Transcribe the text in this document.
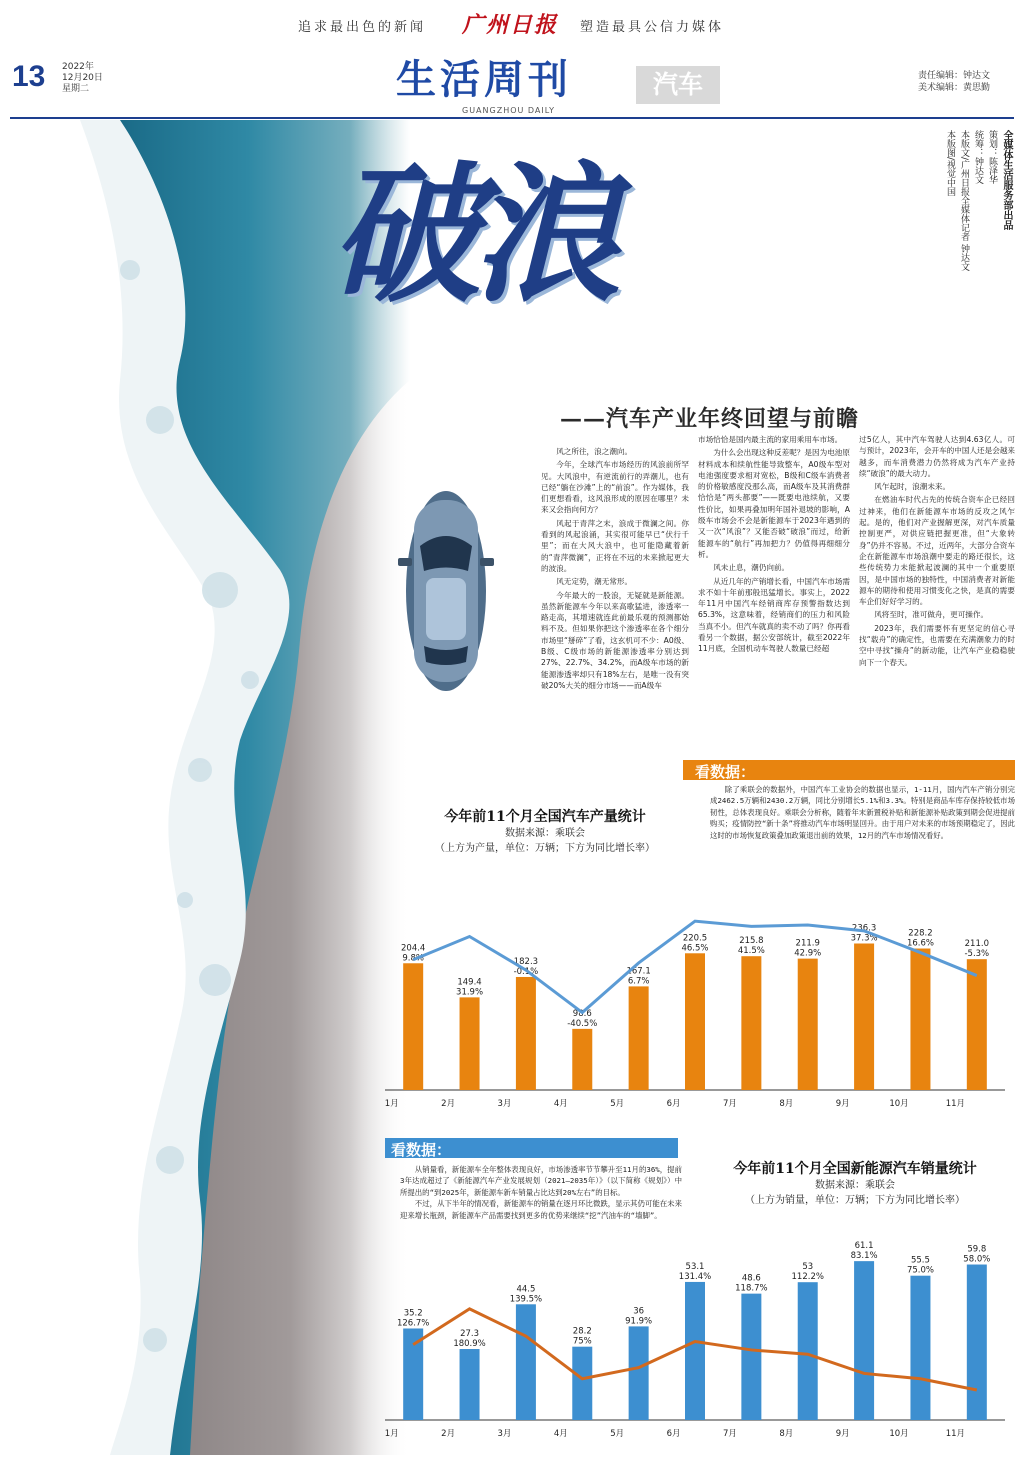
追求最出色的新闻 广州日报 塑造最具公信力媒体
13 2022年
12月20日
星期二	生活周刊	汽车
GUANGZHOU DAILY
责任编辑：钟达文
美术编辑：黄思勤
破浪
——汽车产业年终回望与前瞻
全媒体生活服务部出品
策划：陈泽华
统筹：钟达文
本版文/广州日报全媒体记者 钟达文
本版图/视觉中国

风之所往，浪之潮向。

今年，全球汽车市场经历的风浪前所罕见。大风浪中，有逆流前行的弄潮儿，也有已经“躺在沙滩”上的“前浪”。作为媒体，我们更想看看，这风浪形成的原因在哪里？未来又会指向何方？

风起于青萍之末，浪成于微澜之间。你看到的风起浪涌，其实很可能早已“伏行千里”；而在大风大浪中，也可能隐藏着新的“青萍微澜”，正将在不远的未来掀起更大的波浪。

风无定势，潮无常形。

今年最大的一股浪，无疑就是新能源。虽然新能源车今年以来高歌猛进，渗透率一路走高，其增速就连此前最乐观的预测都始料不及。但如果你把这个渗透率在各个细分市场里“掰碎”了看，这玄机可不少：A0级、B级、C级市场的新能源渗透率分别达到27%、22.7%、34.2%，而A级车市场的新能源渗透率却只有18%左右，是唯一没有突破20%大关的细分市场——而A级车

市场恰恰是国内最主流的家用乘用车市场。

为什么会出现这种反差呢？是因为电池原材料成本和续航性能导致整车，A0级车型对电池强度要求相对宽松，B级和C级车消费者的价格敏感度没那么高，而A级车及其消费群恰恰是“两头都要”——既要电池续航，又要性价比，如果再叠加明年国补退坡的影响，A级车市场会不会是新能源车于2023年遇到的又一次“风浪”？又能否破“破浪”而过，给新能源车的“航行”再加把力？仍值得再细细分析。

风未止息，潮仍向前。

从近几年的产销增长看，中国汽车市场需求不如十年前那般迅猛增长。事实上，2022年11月中国汽车经销商库存预警指数达到65.3%，这意味着，经销商们的压力和风险当真不小。但汽车就真的卖不动了吗？你再看看另一个数据，据公安部统计，截至2022年11月底，全国机动车驾驶人数量已经超

过5亿人，其中汽车驾驶人达到4.63亿人。可与预计，2023年，会开车的中国人还是会越来越多，而车消费潜力仍然将成为汽车产业持续“破浪”的最大动力。

风乍起时，浪潮未来。

在燃油车时代占先的传统合资车企已经回过神来，他们在新能源车市场的反攻之风乍起。是的，他们对产业握解更深，对汽车质量控制更严，对供应链把握更准，但“大象转身”仍并不容易。不过，近两年，大部分合资车企在新能源车市场浪潮中要走的路还很长，这些传统势力未能掀起波澜的其中一个重要原因，是中国市场的独特性，中国消费者对新能源车的期待和使用习惯变化之快，是真的需要车企们好好学习的。

风将至时，准可做舟，更可操作。

2023年，我们需要怀有更坚定的信心寻找“载舟”的确定性，也需要在充满潮象力的时空中寻找“操舟”的新动能，让汽车产业稳稳驶向下一个春天。

看数据：

除了乘联会的数据外，中国汽车工业协会的数据也显示，1-11月，国内汽车产销分别完成2462.5万辆和2430.2万辆，同比分别增长5.1%和3.3%。特别是商品车库存保持较低市场韧性，总体表现良好。乘联会分析称，随着年末新置税补贴和新能源补贴政策到期会促进提前购买；疫情防控“新十条”将推动汽车市场明显回升。由于用户对未来的市场预期稳定了，因此这时的市场恢复政策叠加政策退出前的效果，12月的汽车市场情况看好。

今年前11个月全国汽车产量统计
数据来源：乘联会
（上方为产量，单位：万辆；下方为同比增长率）
204.4
9.8%
1月
149.4
31.9%
2月
182.3
-0.1%
3月
98.6
-40.5%
4月
167.1
6.7%
5月
220.5
46.5%
6月
215.8
41.5%
7月
211.9
42.9%
8月
236.3
37.3%
9月
228.2
16.6%
10月
211.0
-5.3%
11月
看数据：

从销量看，新能源车全年整体表现良好，市场渗透率节节攀升至11月的36%，提前3年达成超过了《新能源汽车产业发展规划（2021—2035年）》（以下简称《规划》）中所提出的“到2025年，新能源车新车销量占比达到20%左右”的目标。

不过，从下半年的情况看，新能源车的销量在逐月环比微跌，显示其仍可能在未来迎来增长瓶颈，新能源车产品需要找到更多的优势来继续“挖”汽油车的“墙脚”。

今年前11个月全国新能源汽车销量统计
数据来源：乘联会
（上方为销量，单位：万辆；下方为同比增长率）
35.2
126.7%
1月
27.3
180.9%
2月
44.5
139.5%
3月
28.2
75%
4月
36
91.9%
5月
53.1
131.4%
6月
48.6
118.7%
7月
53
112.2%
8月
61.1
83.1%
9月
55.5
75.0%
10月
59.8
58.0%
11月
